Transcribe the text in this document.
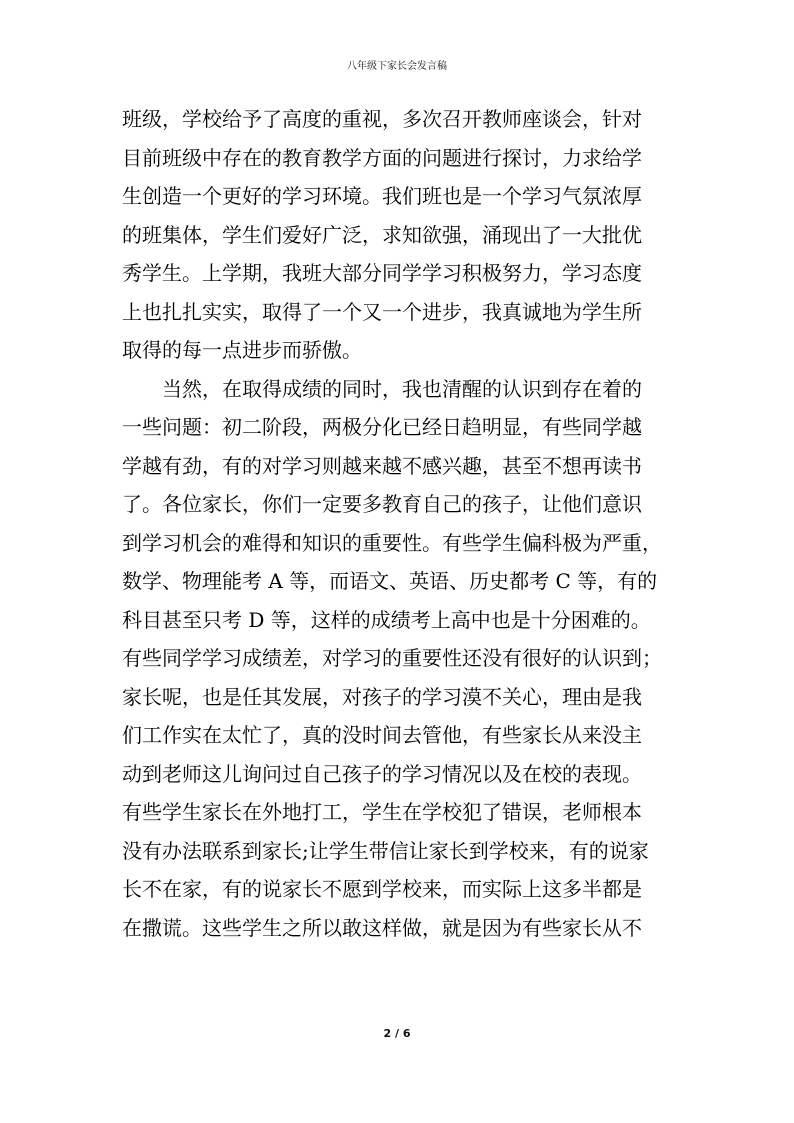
八年级下家长会发言稿
班级，学校给予了高度的重视，多次召开教师座谈会，针对
目前班级中存在的教育教学方面的问题进行探讨，力求给学
生创造一个更好的学习环境。我们班也是一个学习气氛浓厚
的班集体，学生们爱好广泛，求知欲强，涌现出了一大批优
秀学生。上学期，我班大部分同学学习积极努力，学习态度
上也扎扎实实，取得了一个又一个进步，我真诚地为学生所
取得的每一点进步而骄傲。
当然，在取得成绩的同时，我也清醒的认识到存在着的
一些问题：初二阶段，两极分化已经日趋明显，有些同学越
学越有劲，有的对学习则越来越不感兴趣，甚至不想再读书
了。各位家长，你们一定要多教育自己的孩子，让他们意识
到学习机会的难得和知识的重要性。有些学生偏科极为严重，
数学、物理能考 A 等，而语文、英语、历史都考 C 等，有的
科目甚至只考 D 等，这样的成绩考上高中也是十分困难的。
有些同学学习成绩差，对学习的重要性还没有很好的认识到；
家长呢，也是任其发展，对孩子的学习漠不关心，理由是我
们工作实在太忙了，真的没时间去管他，有些家长从来没主
动到老师这儿询问过自己孩子的学习情况以及在校的表现。
有些学生家长在外地打工，学生在学校犯了错误，老师根本
没有办法联系到家长;让学生带信让家长到学校来，有的说家
长不在家，有的说家长不愿到学校来，而实际上这多半都是
在撒谎。这些学生之所以敢这样做，就是因为有些家长从不
2 / 6
